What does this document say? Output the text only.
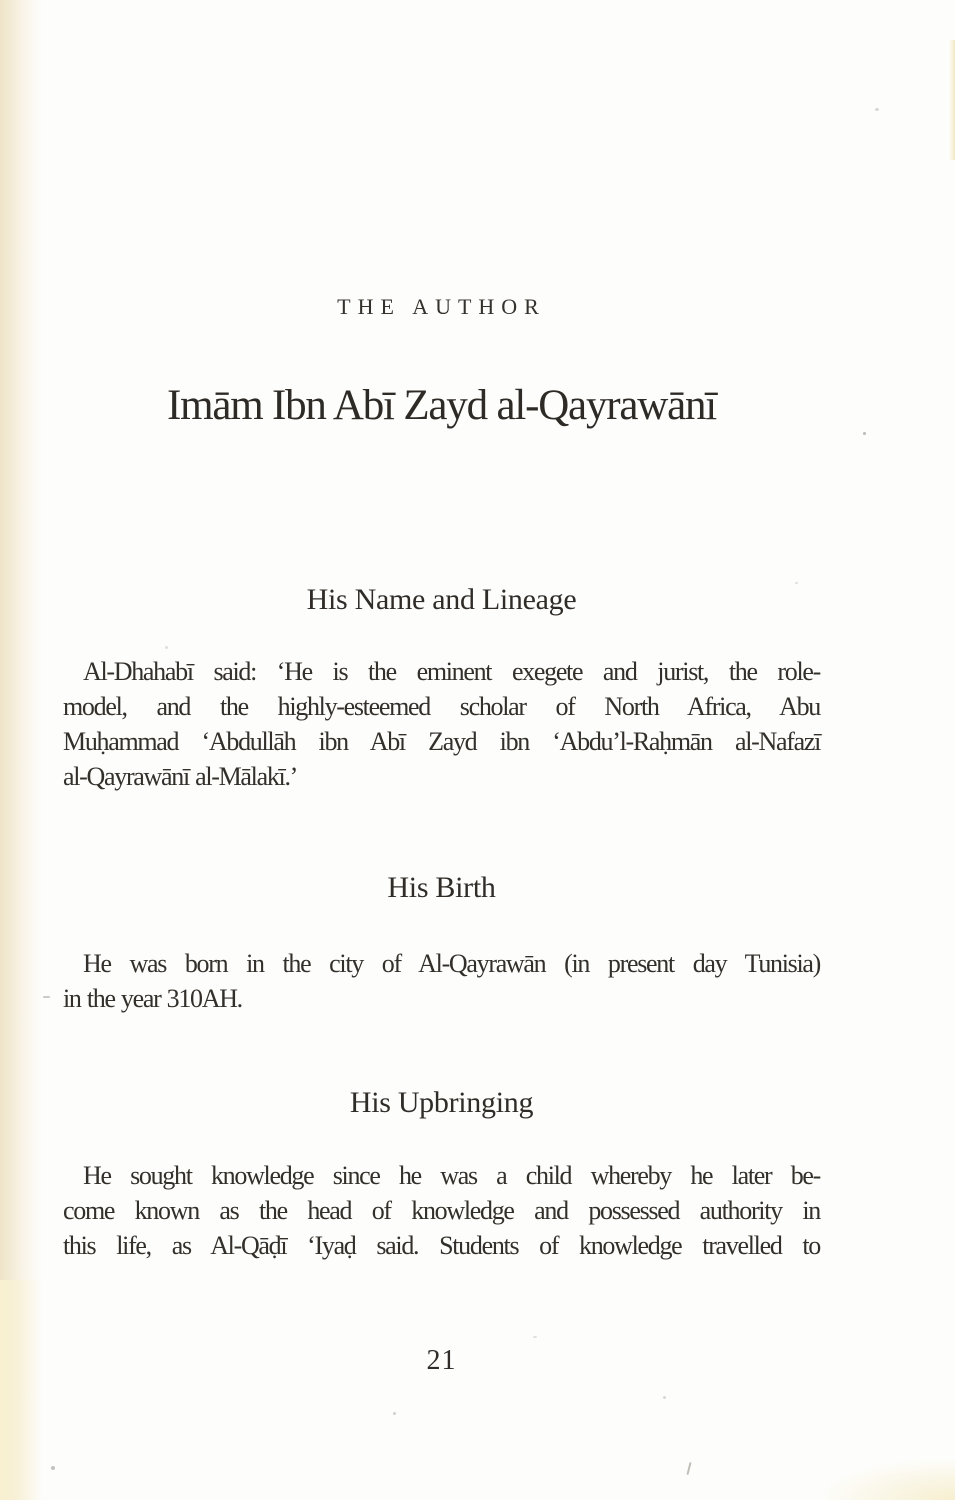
THE AUTHOR
Imām Ibn Abī Zayd al-Qayrawānī
His Name and Lineage
Al-Dhahabī said: ‘He is the eminent exegete and jurist, the role-
model, and the highly-esteemed scholar of North Africa, Abu
Muḥammad ‘Abdullāh ibn Abī Zayd ibn ‘Abdu’l-Raḥmān al-Nafazī
al-Qayrawānī al-Mālakī.’
His Birth
He was born in the city of Al-Qayrawān (in present day Tunisia)
in the year 310AH.
His Upbringing
He sought knowledge since he was a child whereby he later be-
come known as the head of knowledge and possessed authority in
this life, as Al-Qāḍī ‘Iyaḍ said. Students of knowledge travelled to
21
